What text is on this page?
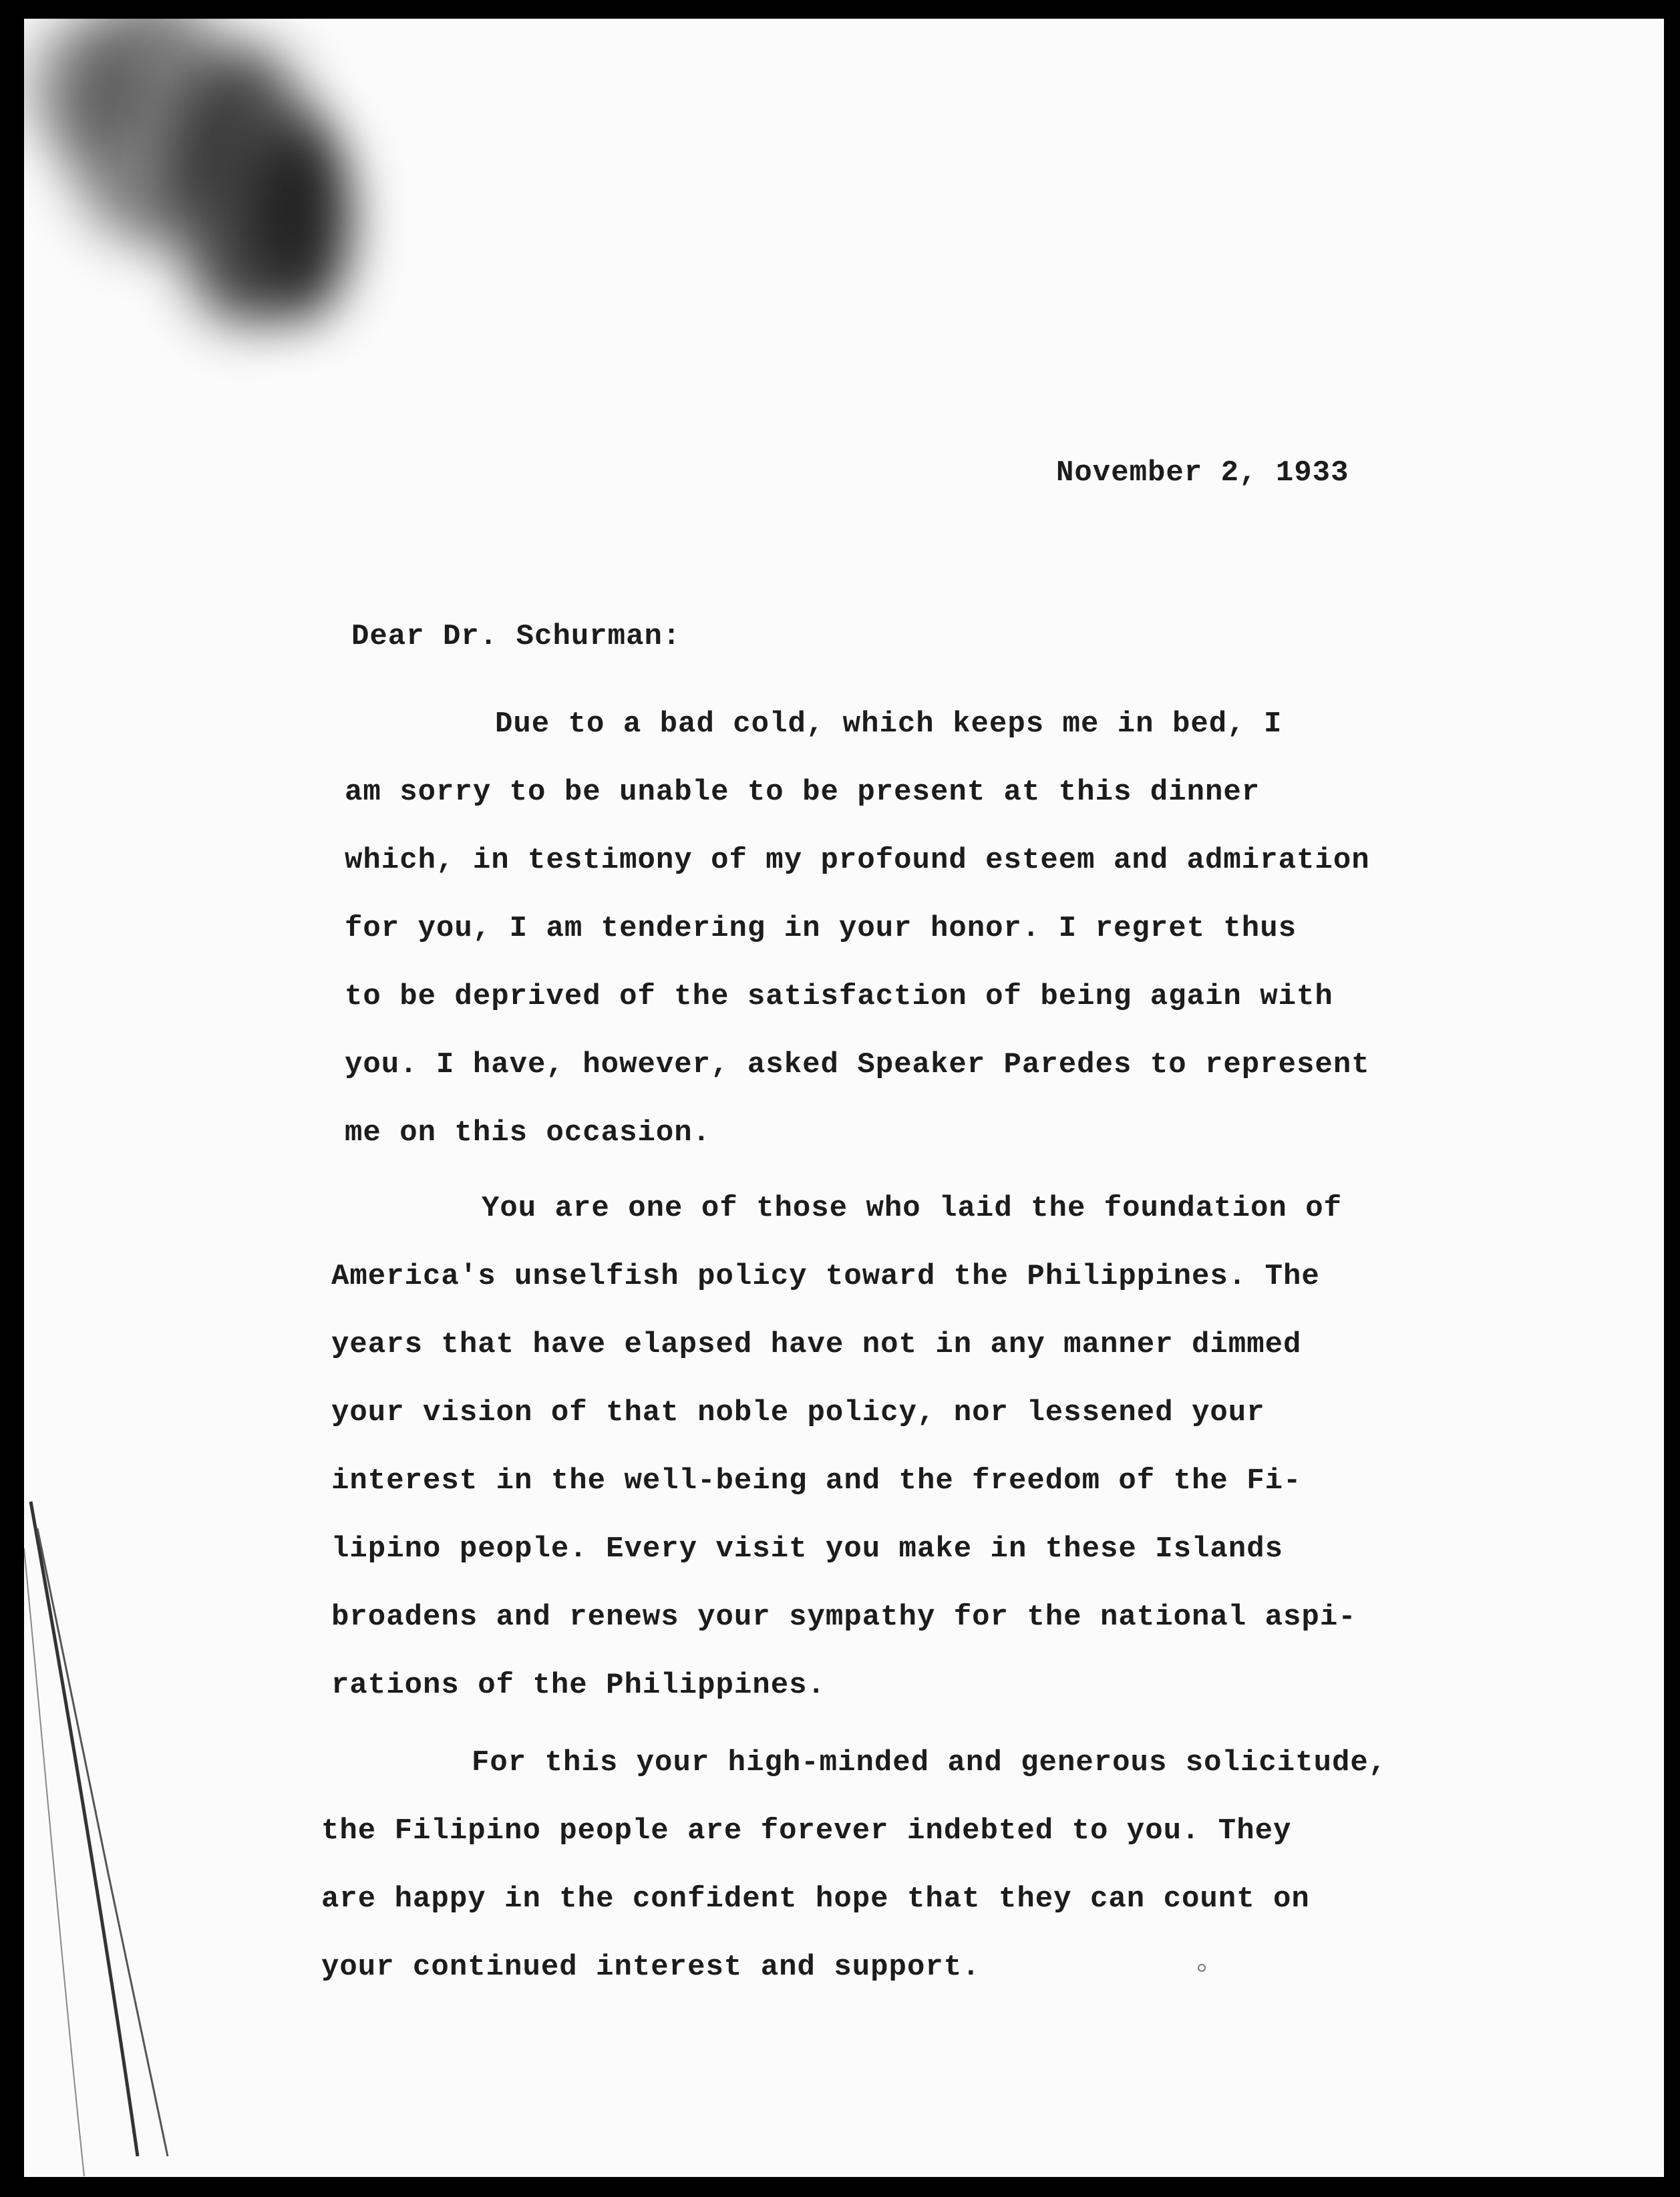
November 2, 1933
Dear Dr. Schurman:

Due to a bad cold, which keeps me in bed, I
am sorry to be unable to be present at this dinner
which, in testimony of my profound esteem and admiration
for you, I am tendering in your honor. I regret thus
to be deprived of the satisfaction of being again with
you. I have, however, asked Speaker Paredes to represent
me on this occasion.

You are one of those who laid the foundation of
America's unselfish policy toward the Philippines. The
years that have elapsed have not in any manner dimmed
your vision of that noble policy, nor lessened your
interest in the well-being and the freedom of the Fi-
lipino people. Every visit you make in these Islands
broadens and renews your sympathy for the national aspi-
rations of the Philippines.

For this your high-minded and generous solicitude,
the Filipino people are forever indebted to you. They
are happy in the confident hope that they can count on
your continued interest and support.
